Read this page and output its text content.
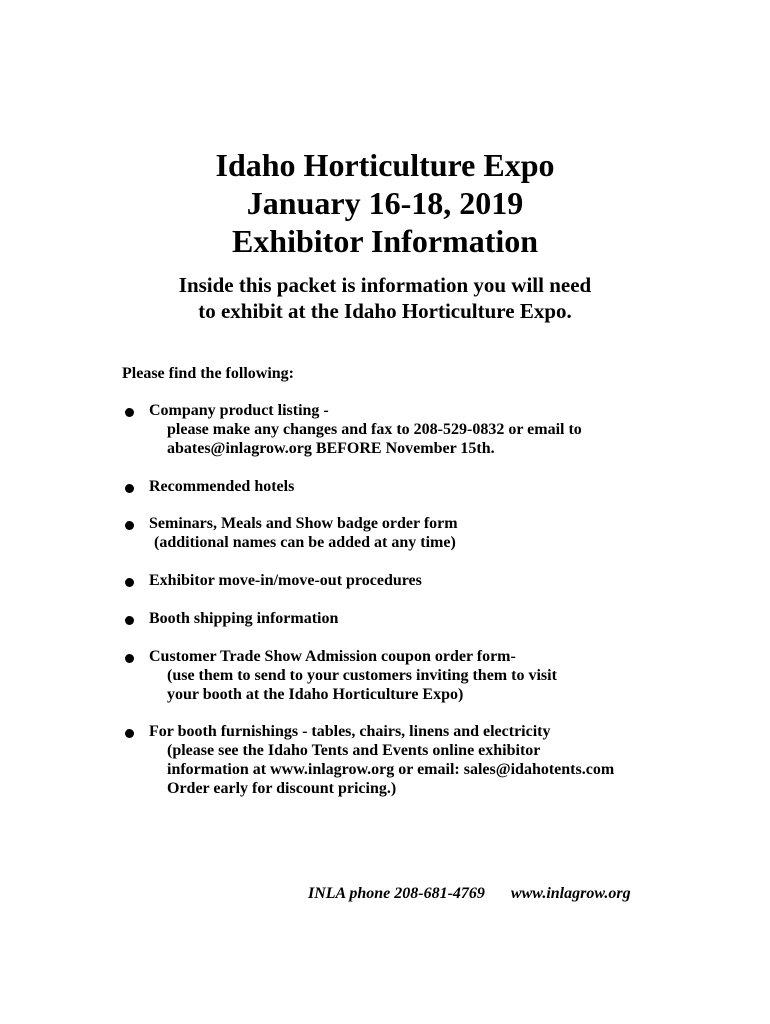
Idaho Horticulture Expo
January 16-18, 2019
Exhibitor Information
Inside this packet is information you will need
to exhibit at the Idaho Horticulture Expo.
Please find the following:
Company product listing -
please make any changes and fax to 208-529-0832 or email to
abates@inlagrow.org BEFORE November 15th.
Recommended hotels
Seminars, Meals and Show badge order form
(additional names can be added at any time)
Exhibitor move-in/move-out procedures
Booth shipping information
Customer Trade Show Admission coupon order form-
(use them to send to your customers inviting them to visit
your booth at the Idaho Horticulture Expo)
For booth furnishings - tables, chairs, linens and electricity
(please see the Idaho Tents and Events online exhibitor
information at www.inlagrow.org or email: sales@idahotents.com
Order early for discount pricing.)
INLA phone 208-681-4769 www.inlagrow.org
